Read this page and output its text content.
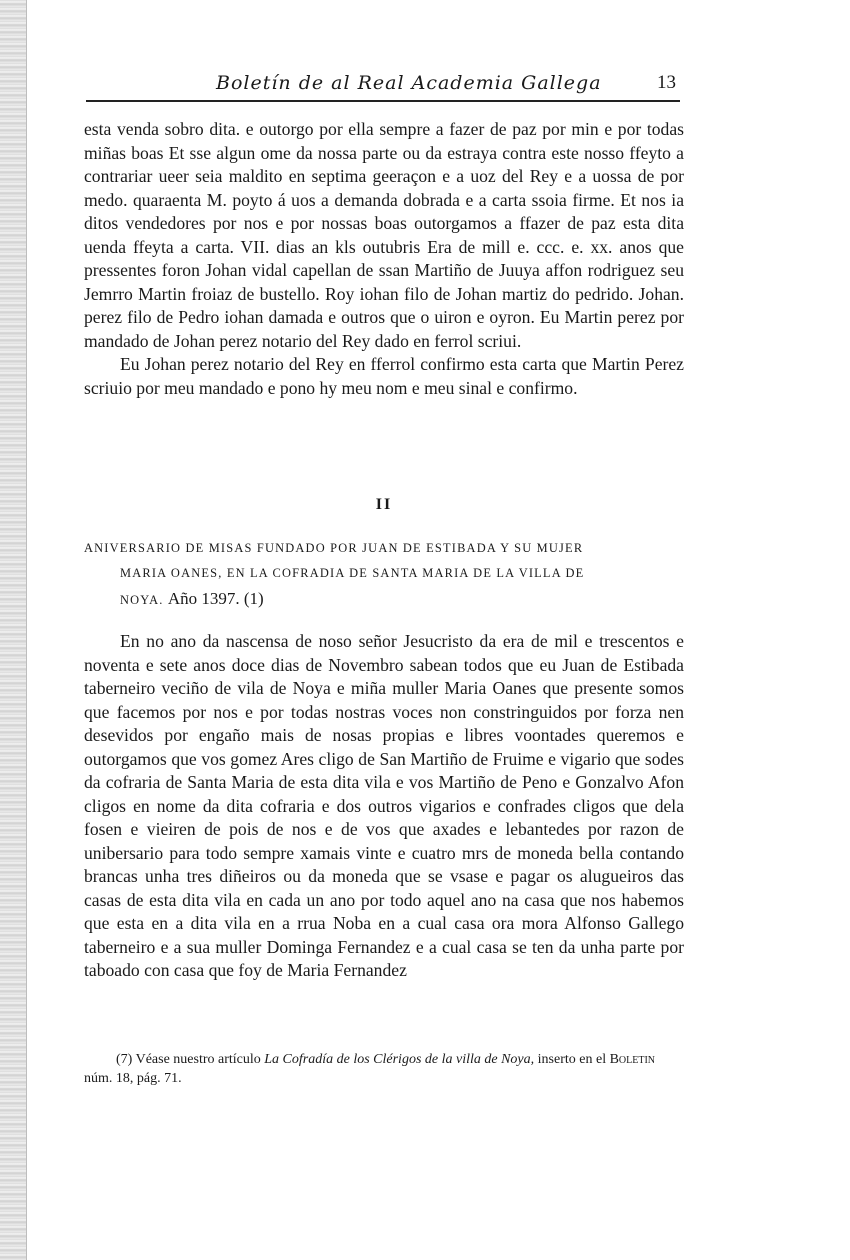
Boletín de al Real Academia Gallega	13

esta venda sobro dita. e outorgo por ella sempre a fazer de paz por min e por todas miñas boas Et sse algun ome da nossa parte ou da estraya contra este nosso ffeyto a contrariar ueer seia maldito en septima geeraçon e a uoz del Rey e a uossa de por medo. quaraenta M. poyto á uos a demanda dobrada e a carta ssoia firme. Et nos ia ditos vendedores por nos e por nossas boas outorgamos a ffazer de paz esta dita uenda ffeyta a carta. VII. dias an kls outubris Era de mill e. ccc. e. xx. anos que pressentes foron Johan vidal capellan de ssan Martiño de Juuya affon rodriguez seu Jemrro Martin froiaz de bustello. Roy iohan filo de Johan martiz do pedrido. Johan. perez filo de Pedro iohan damada e outros que o uiron e oyron. Eu Martin perez por mandado de Johan perez notario del Rey dado en ferrol scriui.

Eu Johan perez notario del Rey en fferrol confirmo esta carta que Martin Perez scriuio por meu mandado e pono hy meu nom e meu sinal e confirmo.

II
ANIVERSARIO DE MISAS FUNDADO POR JUAN DE ESTIBADA Y SU MUJER
MARIA OANES, EN LA COFRADIA DE SANTA MARIA DE LA VILLA DE
NOYA. Año 1397. (1)

En no ano da nascensa de noso señor Jesucristo da era de mil e trescentos e noventa e sete anos doce dias de Novembro sabean todos que eu Juan de Estibada taberneiro veciño de vila de Noya e miña muller Maria Oanes que presente somos que facemos por nos e por todas nostras voces non constringuidos por forza nen desevidos por engaño mais de nosas propias e libres voontades queremos e outorgamos que vos gomez Ares cligo de San Martiño de Fruime e vigario que sodes da cofraria de Santa Maria de esta dita vila e vos Martiño de Peno e Gonzalvo Afon cligos en nome da dita cofraria e dos outros vigarios e confrades cligos que dela fosen e vieiren de pois de nos e de vos que axades e lebantedes por razon de unibersario para todo sempre xamais vinte e cuatro mrs de moneda bella contando brancas unha tres diñeiros ou da moneda que se vsase e pagar os alugueiros das casas de esta dita vila en cada un ano por todo aquel ano na casa que nos habemos que esta en a dita vila en a rrua Noba en a cual casa ora mora Alfonso Gallego taberneiro e a sua muller Dominga Fernandez e a cual casa se ten da unha parte por taboado con casa que foy de Maria Fernandez

(7) Véase nuestro artículo La Cofradía de los Clérigos de la villa de Noya, inserto en el Boletin núm. 18, pág. 71.
